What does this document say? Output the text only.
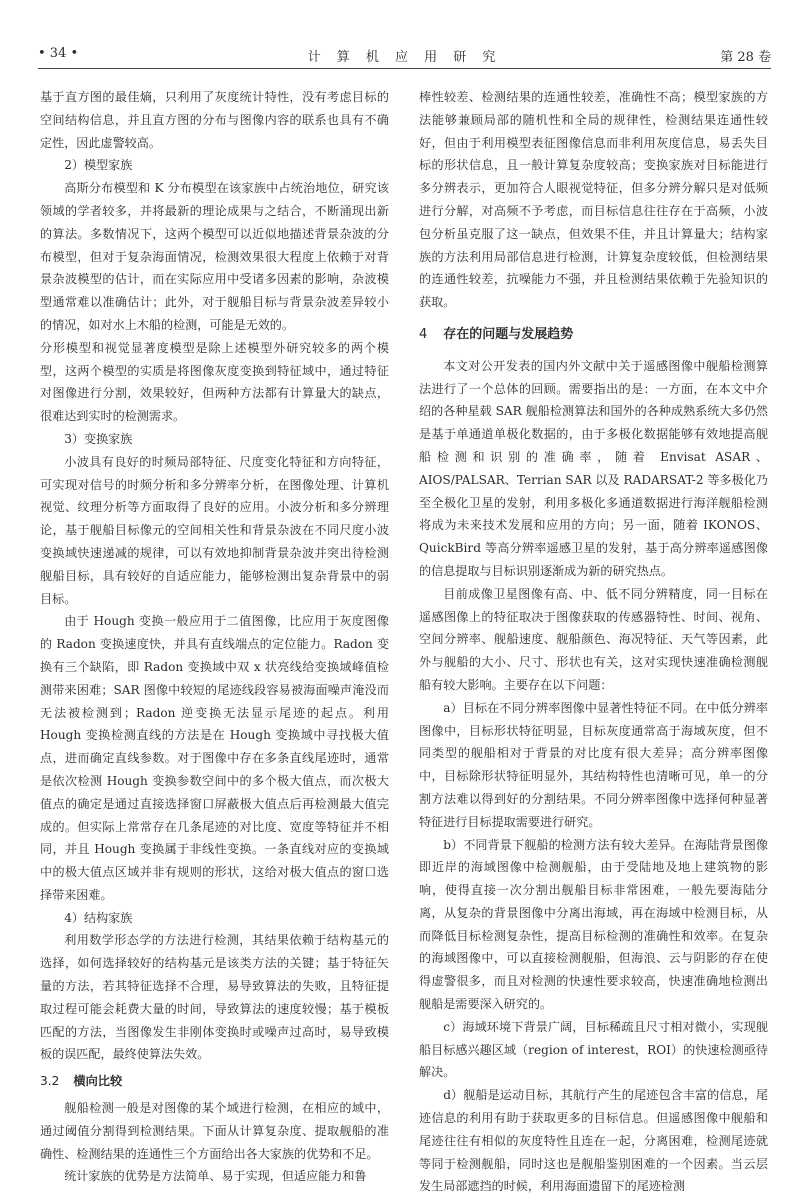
• 34 •	计 算 机 应 用 研 究	第 28 卷

基于直方图的最佳熵，只利用了灰度统计特性，没有考虑目标的空间结构信息，并且直方图的分布与图像内容的联系也具有不确定性，因此虚警较高。

2）模型家族

高斯分布模型和 K 分布模型在该家族中占统治地位，研究该领域的学者较多，并将最新的理论成果与之结合，不断涌现出新的算法。多数情况下，这两个模型可以近似地描述背景杂波的分布模型，但对于复杂海面情况，检测效果很大程度上依赖于对背景杂波模型的估计，而在实际应用中受诸多因素的影响，杂波模型通常难以准确估计；此外，对于舰船目标与背景杂波差异较小的情况，如对水上木船的检测，可能是无效的。

分形模型和视觉显著度模型是除上述模型外研究较多的两个模型，这两个模型的实质是将图像灰度变换到特征域中，通过特征对图像进行分割，效果较好，但两种方法都有计算量大的缺点，很难达到实时的检测需求。

3）变换家族

小波具有良好的时频局部特征、尺度变化特征和方向特征，可实现对信号的时频分析和多分辨率分析，在图像处理、计算机视觉、纹理分析等方面取得了良好的应用。小波分析和多分辨理论，基于舰船目标像元的空间相关性和背景杂波在不同尺度小波变换域快速递减的规律，可以有效地抑制背景杂波并突出待检测舰船目标，具有较好的自适应能力，能够检测出复杂背景中的弱目标。

由于 Hough 变换一般应用于二值图像，比应用于灰度图像的 Radon 变换速度快，并具有直线端点的定位能力。Radon 变换有三个缺陷，即 Radon 变换域中双 x 状亮线给变换域峰值检测带来困难；SAR 图像中较短的尾迹线段容易被海面噪声淹没而无法被检测到；Radon 逆变换无法显示尾迹的起点。利用 Hough 变换检测直线的方法是在 Hough 变换域中寻找极大值点，进而确定直线参数。对于图像中存在多条直线尾迹时，通常是依次检测 Hough 变换参数空间中的多个极大值点，而次极大值点的确定是通过直接选择窗口屏蔽极大值点后再检测最大值完成的。但实际上常常存在几条尾迹的对比度、宽度等特征并不相同，并且 Hough 变换属于非线性变换。一条直线对应的变换域中的极大值点区域并非有规则的形状，这给对极大值点的窗口选择带来困难。

4）结构家族

利用数学形态学的方法进行检测，其结果依赖于结构基元的选择，如何选择较好的结构基元是该类方法的关键；基于特征矢量的方法，若其特征选择不合理，易导致算法的失败，且特征提取过程可能会耗费大量的时间，导致算法的速度较慢；基于模板匹配的方法，当图像发生非刚体变换时或噪声过高时，易导致模板的误匹配，最终使算法失效。

3.2 横向比较

舰船检测一般是对图像的某个域进行检测，在相应的域中，通过阈值分割得到检测结果。下面从计算复杂度、提取舰船的准确性、检测结果的连通性三个方面给出各大家族的优势和不足。

统计家族的优势是方法简单、易于实现，但适应能力和鲁

棒性较差、检测结果的连通性较差，准确性不高；模型家族的方法能够兼顾局部的随机性和全局的规律性，检测结果连通性较好，但由于利用模型表征图像信息而非利用灰度信息，易丢失目标的形状信息，且一般计算复杂度较高；变换家族对目标能进行多分辨表示，更加符合人眼视觉特征，但多分辨分解只是对低频进行分解，对高频不予考虑，而目标信息往往存在于高频，小波包分析虽克服了这一缺点，但效果不佳，并且计算量大；结构家族的方法利用局部信息进行检测，计算复杂度较低，但检测结果的连通性较差，抗噪能力不强，并且检测结果依赖于先验知识的获取。

4 存在的问题与发展趋势

本文对公开发表的国内外文献中关于遥感图像中舰船检测算法进行了一个总体的回顾。需要指出的是：一方面，在本文中介绍的各种星载 SAR 舰船检测算法和国外的各种成熟系统大多仍然是基于单通道单极化数据的，由于多极化数据能够有效地提高舰船检测和识别的准确率，随着 Envisat ASAR、AIOS/PALSAR、Terrian SAR 以及 RADARSAT-2 等多极化乃至全极化卫星的发射，利用多极化多通道数据进行海洋舰船检测将成为未来技术发展和应用的方向；另一面，随着 IKONOS、QuickBird 等高分辨率遥感卫星的发射，基于高分辨率遥感图像的信息提取与目标识别逐渐成为新的研究热点。

目前成像卫星图像有高、中、低不同分辨精度，同一目标在遥感图像上的特征取决于图像获取的传感器特性、时间、视角、空间分辨率、舰船速度、舰船颜色、海况特征、天气等因素，此外与舰船的大小、尺寸、形状也有关，这对实现快速准确检测舰船有较大影响。主要存在以下问题：

a）目标在不同分辨率图像中显著性特征不同。在中低分辨率图像中，目标形状特征明显，目标灰度通常高于海域灰度，但不同类型的舰船相对于背景的对比度有很大差异；高分辨率图像中，目标除形状特征明显外，其结构特性也清晰可见，单一的分割方法难以得到好的分割结果。不同分辨率图像中选择何种显著特征进行目标提取需要进行研究。

b）不同背景下舰船的检测方法有较大差异。在海陆背景图像即近岸的海域图像中检测舰船，由于受陆地及地上建筑物的影响，使得直接一次分割出舰船目标非常困难，一般先要海陆分离，从复杂的背景图像中分离出海域，再在海域中检测目标，从而降低目标检测复杂性，提高目标检测的准确性和效率。在复杂的海域图像中，可以直接检测舰船，但海浪、云与阴影的存在使得虚警很多，而且对检测的快速性要求较高，快速准确地检测出舰船是需要深入研究的。

c）海域环境下背景广阔，目标稀疏且尺寸相对微小，实现舰船目标感兴趣区域（region of interest，ROI）的快速检测亟待解决。

d）舰船是运动目标，其航行产生的尾迹包含丰富的信息，尾迹信息的利用有助于获取更多的目标信息。但遥感图像中舰船和尾迹往往有相似的灰度特性且连在一起，分离困难，检测尾迹就等同于检测舰船，同时这也是舰船鉴别困难的一个因素。当云层发生局部遮挡的时候，利用海面遗留下的尾迹检测
